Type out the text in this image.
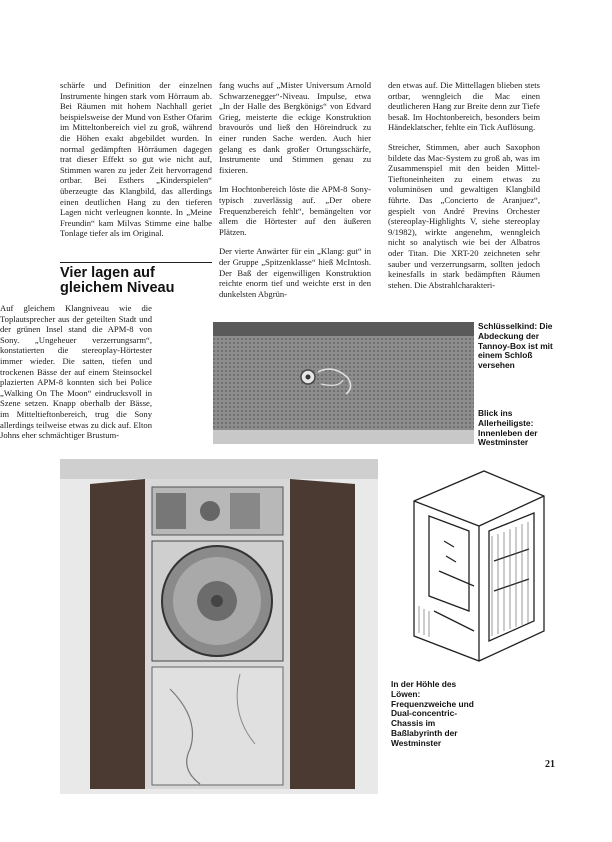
schärfe und Definition der einzelnen Instrumente hingen stark vom Hörraum ab. Bei Räumen mit hohem Nachhall geriet beispielsweise der Mund von Esther Ofarim im Mitteltonbereich viel zu groß, während die Höhen exakt abgebildet wurden. In normal gedämpften Hörräumen dagegen trat dieser Effekt so gut wie nicht auf, Stimmen waren zu jeder Zeit hervorragend ortbar. Bei Esthers „Kinderspielen“ überzeugte das Klangbild, das allerdings einen deutlichen Hang zu den tieferen Lagen nicht verleugnen konnte. In „Meine Freundin“ kam Milvas Stimme eine halbe Tonlage tiefer als im Original.

Vier lagen auf gleichem Niveau

Auf gleichem Klangniveau wie die Toplautsprecher aus der geteilten Stadt und der grünen Insel stand die APM-8 von Sony. „Ungeheuer verzerrungsarm“, konstatierten die stereoplay-Hörtester immer wieder. Die satten, tiefen und trockenen Bässe der auf einem Steinsockel plazierten APM-8 konnten sich bei Police „Walking On The Moon“ eindrucksvoll in Szene setzen. Knapp oberhalb der Bässe, im Mitteltieftonbereich, trug die Sony allerdings teilweise etwas zu dick auf. Elton Johns eher schmächtiger Brustum-

fang wuchs auf „Mister Universum Arnold Schwarzenegger“-Niveau. Impulse, etwa „In der Halle des Bergkönigs“ von Edvard Grieg, meisterte die eckige Konstruktion bravourös und ließ den Höreindruck zu einer runden Sache werden. Auch hier gelang es dank großer Ortungsschärfe, Instrumente und Stimmen genau zu fixieren.

Im Hochtonbereich löste die APM-8 Sony-typisch zuverlässig auf. „Der obere Frequenzbereich fehlt“, bemängelten vor allem die Hörtester auf den äußeren Plätzen.

Der vierte Anwärter für ein „Klang: gut“ in der Gruppe „Spitzenklasse“ hieß McIntosh. Der Baß der eigenwilligen Konstruktion reichte enorm tief und weichte erst in den dunkelsten Abgrün-

den etwas auf. Die Mittellagen blieben stets ortbar, wenngleich die Mac einen deutlicheren Hang zur Breite denn zur Tiefe besaß. Im Hochtonbereich, besonders beim Händeklatscher, fehlte ein Tick Auflösung.

Streicher, Stimmen, aber auch Saxophon bildete das Mac-System zu groß ab, was im Zusammenspiel mit den beiden Mittel-Tieftoneinheiten zu einem etwas zu voluminösen und gewaltigen Klangbild führte. Das „Concierto de Aranjuez“, gespielt von André Previns Orchester (stereoplay-Highlights V, siehe stereoplay 9/1982), wirkte angenehm, wenngleich nicht so analytisch wie bei der Albatros oder Titan. Die XRT-20 zeichneten sehr sauber und verzerrungsarm, sollten jedoch keinesfalls in stark bedämpften Räumen stehen. Die Abstrahlcharakteri-

Schlüsselkind: Die Abdeckung der Tannoy-Box ist mit einem Schloß versehen
Blick ins Allerheiligste: Innenleben der Westminster
In der Höhle des Löwen: Frequenzweiche und Dual-concentric-Chassis im Baßlabyrinth der Westminster
21
